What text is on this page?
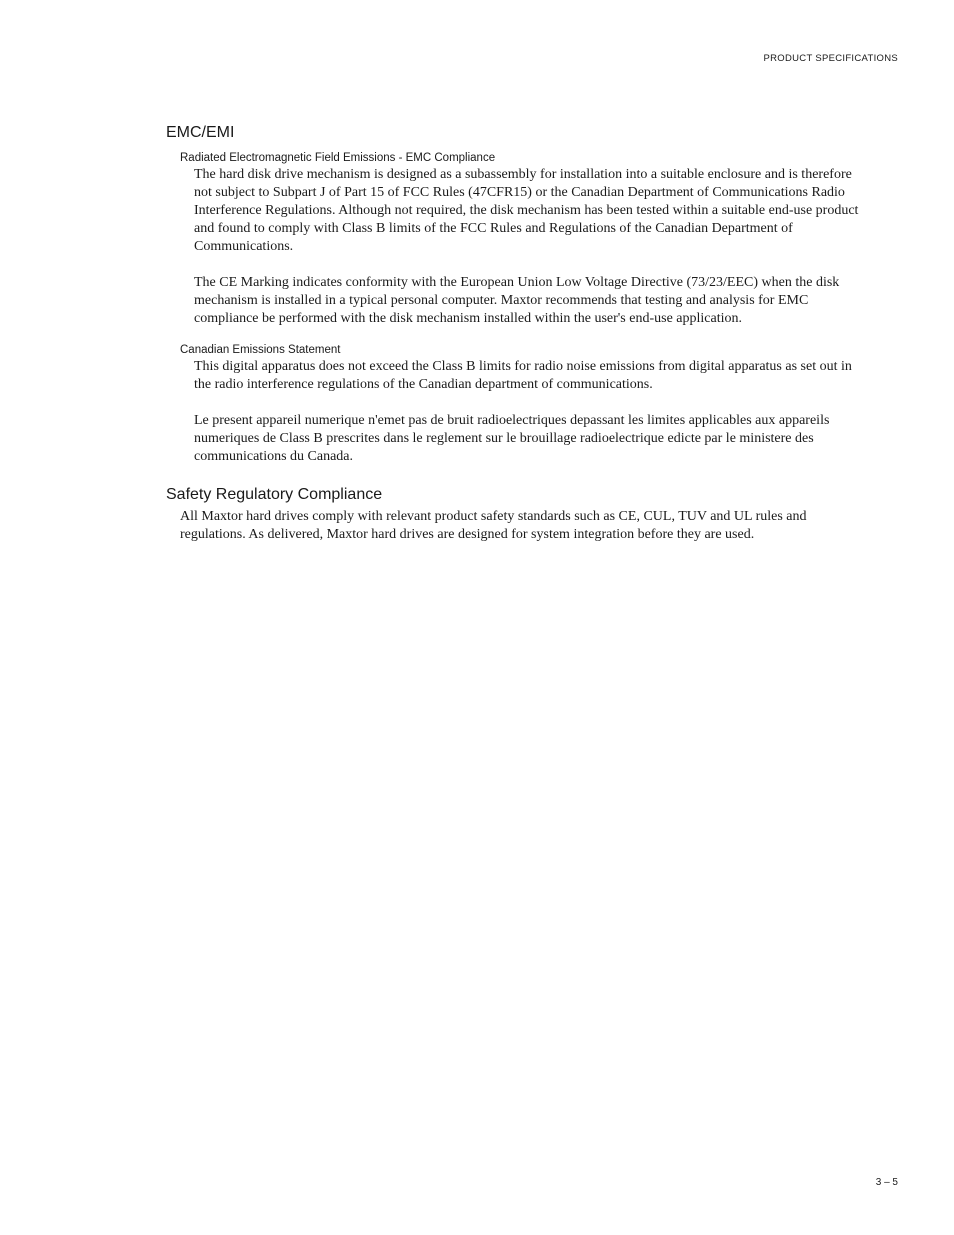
PRODUCT SPECIFICATIONS
EMC/EMI
Radiated Electromagnetic Field Emissions - EMC Compliance

The hard disk drive mechanism is designed as a subassembly for installation into a suitable enclosure and is therefore not subject to Subpart J of Part 15 of FCC Rules (47CFR15) or the Canadian Department of Communications Radio Interference Regulations. Although not required, the disk mechanism has been tested within a suitable end-use product and found to comply with Class B limits of the FCC Rules and Regulations of the Canadian Department of Communications.

The CE Marking indicates conformity with the European Union Low Voltage Directive (73/23/EEC) when the disk mechanism is installed in a typical personal computer. Maxtor recommends that testing and analysis for EMC compliance be performed with the disk mechanism installed within the user's end-use application.

Canadian Emissions Statement

This digital apparatus does not exceed the Class B limits for radio noise emissions from digital apparatus as set out in the radio interference regulations of the Canadian department of communications.

Le present appareil numerique n'emet pas de bruit radioelectriques depassant les limites applicables aux appareils numeriques de Class B prescrites dans le reglement sur le brouillage radioelectrique edicte par le ministere des communications du Canada.

Safety Regulatory Compliance

All Maxtor hard drives comply with relevant product safety standards such as CE, CUL, TUV and UL rules and regulations. As delivered, Maxtor hard drives are designed for system integration before they are used.

3 – 5
